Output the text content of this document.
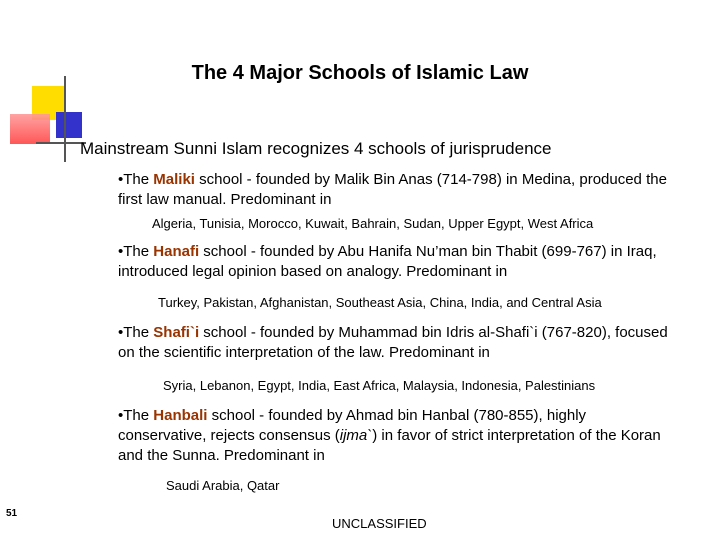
The 4 Major Schools of Islamic Law
Mainstream Sunni Islam recognizes 4 schools of jurisprudence
•The Maliki school - founded by Malik Bin Anas (714-798) in Medina, produced the first law manual. Predominant in
Algeria, Tunisia, Morocco, Kuwait, Bahrain, Sudan, Upper Egypt, West Africa
•The Hanafi school - founded by Abu Hanifa Nu’man bin Thabit (699-767) in Iraq, introduced legal opinion based on analogy. Predominant in
Turkey, Pakistan, Afghanistan, Southeast Asia, China, India, and Central Asia
•The Shafi`i school - founded by Muhammad bin Idris al-Shafi`i (767-820), focused on the scientific interpretation of the law. Predominant in
Syria, Lebanon, Egypt, India, East Africa, Malaysia, Indonesia, Palestinians
•The Hanbali school - founded by Ahmad bin Hanbal (780-855), highly conservative, rejects consensus (ijma`) in favor of strict interpretation of the Koran and the Sunna. Predominant in
Saudi Arabia, Qatar
51
UNCLASSIFIED
